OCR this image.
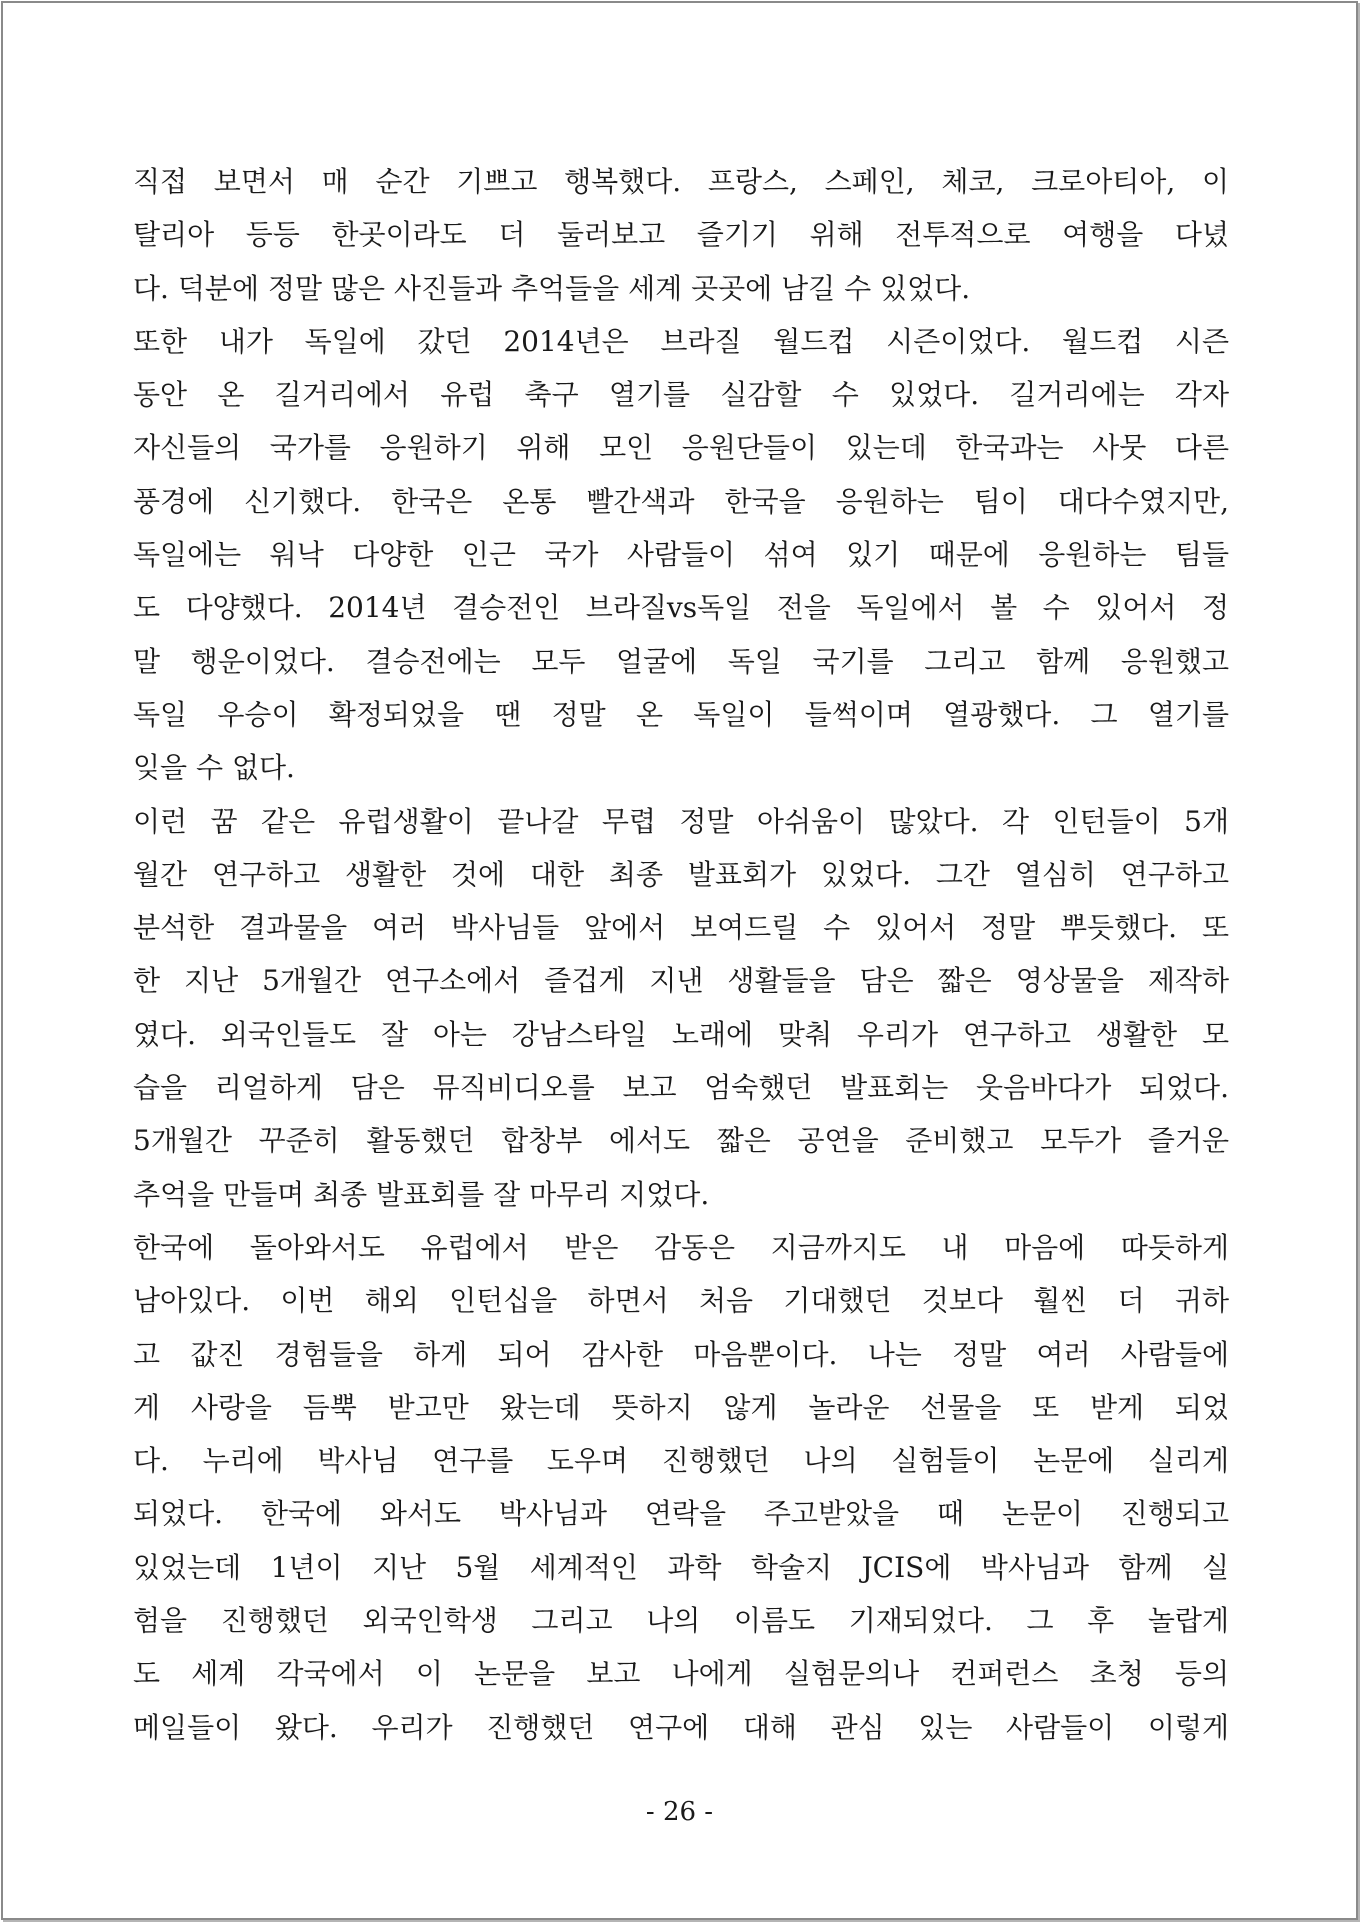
직접 보면서 매 순간 기쁘고 행복했다. 프랑스, 스페인, 체코, 크로아티아, 이
탈리아 등등 한곳이라도 더 둘러보고 즐기기 위해 전투적으로 여행을 다녔
다. 덕분에 정말 많은 사진들과 추억들을 세계 곳곳에 남길 수 있었다.
또한 내가 독일에 갔던 2014년은 브라질 월드컵 시즌이었다. 월드컵 시즌
동안 온 길거리에서 유럽 축구 열기를 실감할 수 있었다. 길거리에는 각자
자신들의 국가를 응원하기 위해 모인 응원단들이 있는데 한국과는 사뭇 다른
풍경에 신기했다. 한국은 온통 빨간색과 한국을 응원하는 팀이 대다수였지만,
독일에는 워낙 다양한 인근 국가 사람들이 섞여 있기 때문에 응원하는 팀들
도 다양했다. 2014년 결승전인 브라질vs독일 전을 독일에서 볼 수 있어서 정
말 행운이었다. 결승전에는 모두 얼굴에 독일 국기를 그리고 함께 응원했고
독일 우승이 확정되었을 땐 정말 온 독일이 들썩이며 열광했다. 그 열기를
잊을 수 없다.
이런 꿈 같은 유럽생활이 끝나갈 무렵 정말 아쉬움이 많았다. 각 인턴들이 5개
월간 연구하고 생활한 것에 대한 최종 발표회가 있었다. 그간 열심히 연구하고
분석한 결과물을 여러 박사님들 앞에서 보여드릴 수 있어서 정말 뿌듯했다. 또
한 지난 5개월간 연구소에서 즐겁게 지낸 생활들을 담은 짧은 영상물을 제작하
였다. 외국인들도 잘 아는 강남스타일 노래에 맞춰 우리가 연구하고 생활한 모
습을 리얼하게 담은 뮤직비디오를 보고 엄숙했던 발표회는 웃음바다가 되었다.
5개월간 꾸준히 활동했던 합창부 에서도 짧은 공연을 준비했고 모두가 즐거운
추억을 만들며 최종 발표회를 잘 마무리 지었다.
한국에 돌아와서도 유럽에서 받은 감동은 지금까지도 내 마음에 따듯하게
남아있다. 이번 해외 인턴십을 하면서 처음 기대했던 것보다 훨씬 더 귀하
고 값진 경험들을 하게 되어 감사한 마음뿐이다. 나는 정말 여러 사람들에
게 사랑을 듬뿍 받고만 왔는데 뜻하지 않게 놀라운 선물을 또 받게 되었
다. 누리에 박사님 연구를 도우며 진행했던 나의 실험들이 논문에 실리게
되었다. 한국에 와서도 박사님과 연락을 주고받았을 때 논문이 진행되고
있었는데 1년이 지난 5월 세계적인 과학 학술지 JCIS에 박사님과 함께 실
험을 진행했던 외국인학생 그리고 나의 이름도 기재되었다. 그 후 놀랍게
도 세계 각국에서 이 논문을 보고 나에게 실험문의나 컨퍼런스 초청 등의
메일들이 왔다. 우리가 진행했던 연구에 대해 관심 있는 사람들이 이렇게
- 26 -
